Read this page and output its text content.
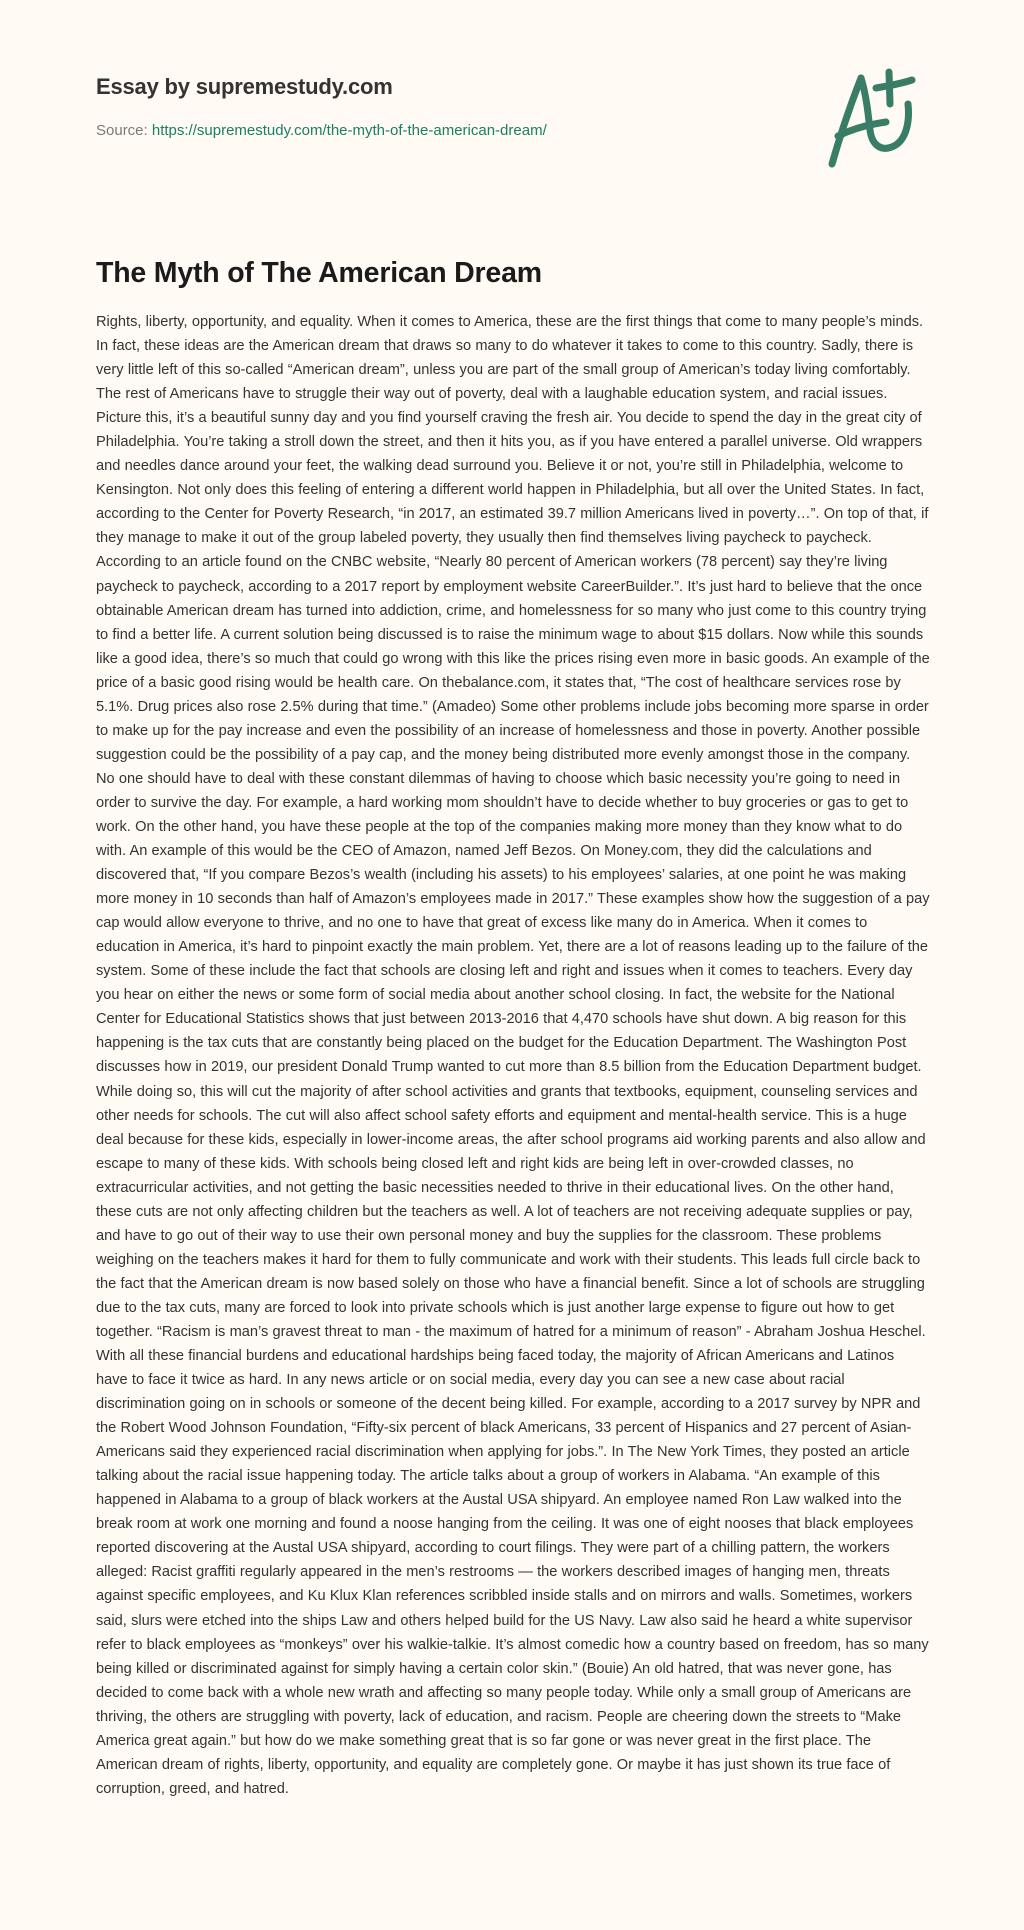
Essay by supremestudy.com
Source: https://supremestudy.com/the-myth-of-the-american-dream/
The Myth of The American Dream

Rights, liberty, opportunity, and equality. When it comes to America, these are the first things that come to many people’s minds. In fact, these ideas are the American dream that draws so many to do whatever it takes to come to this country. Sadly, there is very little left of this so-called “American dream”, unless you are part of the small group of American’s today living comfortably. The rest of Americans have to struggle their way out of poverty, deal with a laughable education system, and racial issues. Picture this, it’s a beautiful sunny day and you find yourself craving the fresh air. You decide to spend the day in the great city of Philadelphia. You’re taking a stroll down the street, and then it hits you, as if you have entered a parallel universe. Old wrappers and needles dance around your feet, the walking dead surround you. Believe it or not, you’re still in Philadelphia, welcome to Kensington. Not only does this feeling of entering a different world happen in Philadelphia, but all over the United States. In fact, according to the Center for Poverty Research, “in 2017, an estimated 39.7 million Americans lived in poverty…”. On top of that, if they manage to make it out of the group labeled poverty, they usually then find themselves living paycheck to paycheck. According to an article found on the CNBC website, “Nearly 80 percent of American workers (78 percent) say they’re living paycheck to paycheck, according to a 2017 report by employment website CareerBuilder.”. It’s just hard to believe that the once obtainable American dream has turned into addiction, crime, and homelessness for so many who just come to this country trying to find a better life. A current solution being discussed is to raise the minimum wage to about $15 dollars. Now while this sounds like a good idea, there’s so much that could go wrong with this like the prices rising even more in basic goods. An example of the price of a basic good rising would be health care. On thebalance.com, it states that, “The cost of healthcare services rose by 5.1%. Drug prices also rose 2.5% during that time.” (Amadeo) Some other problems include jobs becoming more sparse in order to make up for the pay increase and even the possibility of an increase of homelessness and those in poverty. Another possible suggestion could be the possibility of a pay cap, and the money being distributed more evenly amongst those in the company. No one should have to deal with these constant dilemmas of having to choose which basic necessity you’re going to need in order to survive the day. For example, a hard working mom shouldn’t have to decide whether to buy groceries or gas to get to work. On the other hand, you have these people at the top of the companies making more money than they know what to do with. An example of this would be the CEO of Amazon, named Jeff Bezos. On Money.com, they did the calculations and discovered that, “If you compare Bezos’s wealth (including his assets) to his employees’ salaries, at one point he was making more money in 10 seconds than half of Amazon’s employees made in 2017.” These examples show how the suggestion of a pay cap would allow everyone to thrive, and no one to have that great of excess like many do in America. When it comes to education in America, it’s hard to pinpoint exactly the main problem. Yet, there are a lot of reasons leading up to the failure of the system. Some of these include the fact that schools are closing left and right and issues when it comes to teachers. Every day you hear on either the news or some form of social media about another school closing. In fact, the website for the National Center for Educational Statistics shows that just between 2013-2016 that 4,470 schools have shut down. A big reason for this happening is the tax cuts that are constantly being placed on the budget for the Education Department. The Washington Post discusses how in 2019, our president Donald Trump wanted to cut more than 8.5 billion from the Education Department budget. While doing so, this will cut the majority of after school activities and grants that textbooks, equipment, counseling services and other needs for schools. The cut will also affect school safety efforts and equipment and mental-health service. This is a huge deal because for these kids, especially in lower-income areas, the after school programs aid working parents and also allow and escape to many of these kids. With schools being closed left and right kids are being left in over-crowded classes, no extracurricular activities, and not getting the basic necessities needed to thrive in their educational lives. On the other hand, these cuts are not only affecting children but the teachers as well. A lot of teachers are not receiving adequate supplies or pay, and have to go out of their way to use their own personal money and buy the supplies for the classroom. These problems weighing on the teachers makes it hard for them to fully communicate and work with their students. This leads full circle back to the fact that the American dream is now based solely on those who have a financial benefit. Since a lot of schools are struggling due to the tax cuts, many are forced to look into private schools which is just another large expense to figure out how to get together. “Racism is man’s gravest threat to man - the maximum of hatred for a minimum of reason” - Abraham Joshua Heschel. With all these financial burdens and educational hardships being faced today, the majority of African Americans and Latinos have to face it twice as hard. In any news article or on social media, every day you can see a new case about racial discrimination going on in schools or someone of the decent being killed. For example, according to a 2017 survey by NPR and the Robert Wood Johnson Foundation, “Fifty-six percent of black Americans, 33 percent of Hispanics and 27 percent of Asian-Americans said they experienced racial discrimination when applying for jobs.”. In The New York Times, they posted an article talking about the racial issue happening today. The article talks about a group of workers in Alabama. “An example of this happened in Alabama to a group of black workers at the Austal USA shipyard. An employee named Ron Law walked into the break room at work one morning and found a noose hanging from the ceiling. It was one of eight nooses that black employees reported discovering at the Austal USA shipyard, according to court filings. They were part of a chilling pattern, the workers alleged: Racist graffiti regularly appeared in the men’s restrooms — the workers described images of hanging men, threats against specific employees, and Ku Klux Klan references scribbled inside stalls and on mirrors and walls. Sometimes, workers said, slurs were etched into the ships Law and others helped build for the US Navy. Law also said he heard a white supervisor refer to black employees as “monkeys” over his walkie-talkie. It’s almost comedic how a country based on freedom, has so many being killed or discriminated against for simply having a certain color skin.” (Bouie) An old hatred, that was never gone, has decided to come back with a whole new wrath and affecting so many people today. While only a small group of Americans are thriving, the others are struggling with poverty, lack of education, and racism. People are cheering down the streets to “Make America great again.” but how do we make something great that is so far gone or was never great in the first place. The American dream of rights, liberty, opportunity, and equality are completely gone. Or maybe it has just shown its true face of corruption, greed, and hatred.
